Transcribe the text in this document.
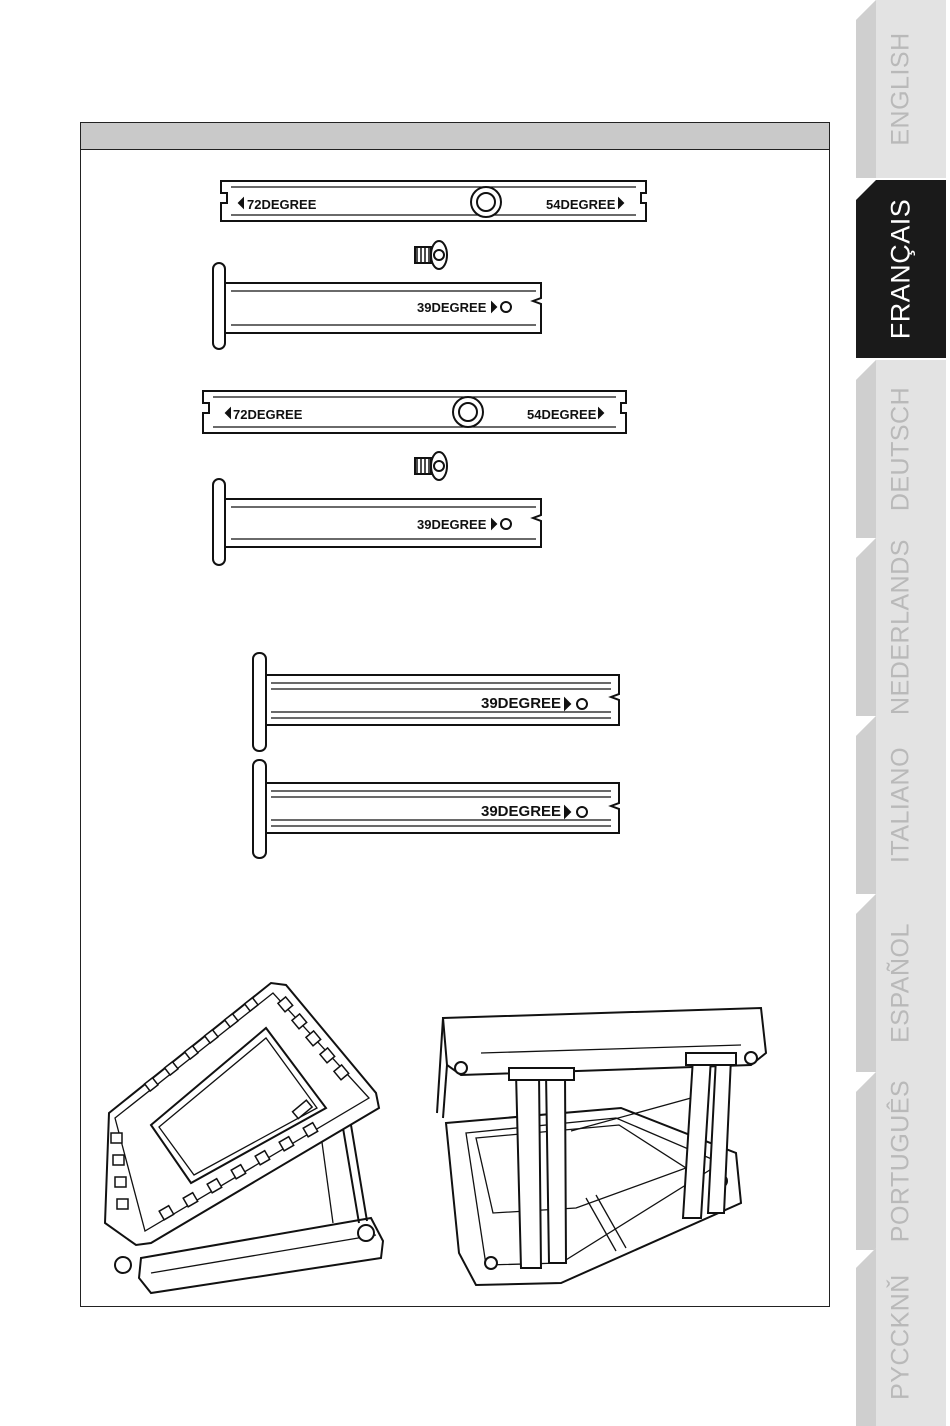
ENGLISH
FRANÇAIS
DEUTSCH
NEDERLANDS
ITALIANO
ESPAÑOL
PORTUGUÊS
PYCCKNŇ
72DEGREE	54DEGREE
39DEGREE
72DEGREE	54DEGREE
39DEGREE
39DEGREE
39DEGREE
